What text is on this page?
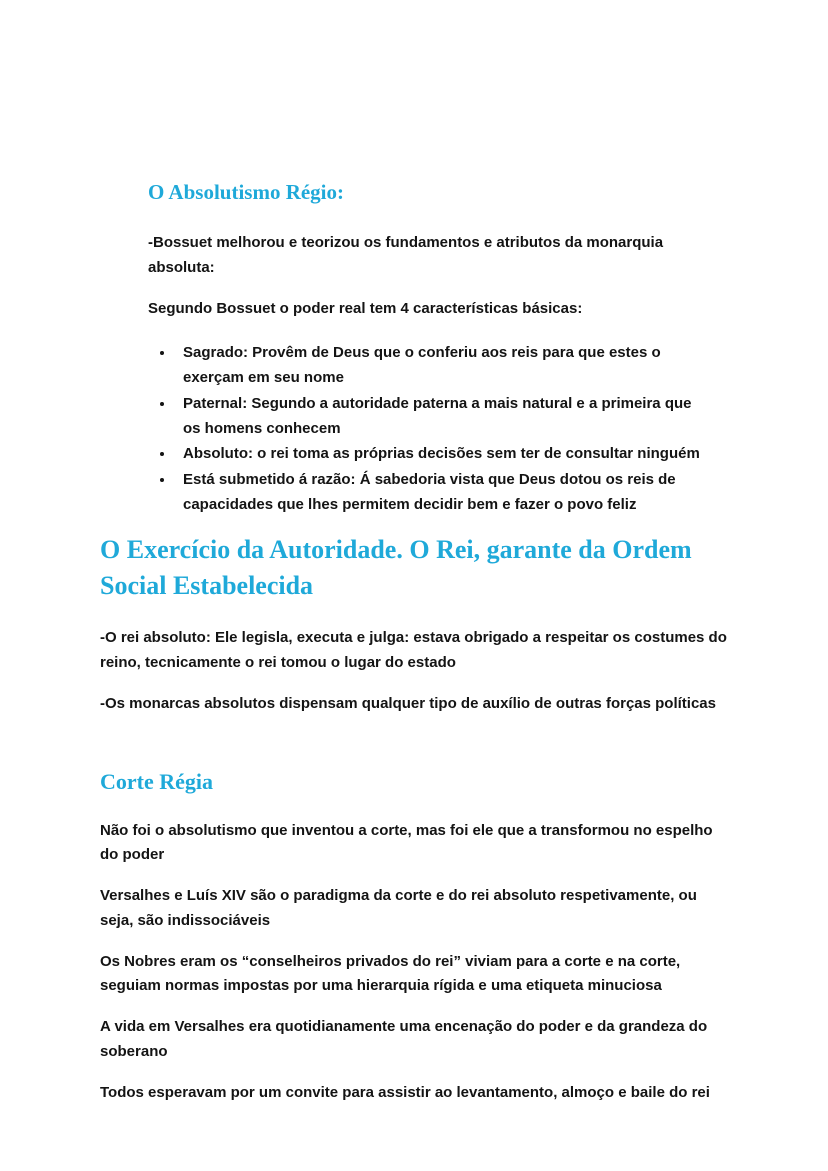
O Absolutismo Régio:

-Bossuet melhorou e teorizou os fundamentos e atributos da monarquia absoluta:

Segundo Bossuet o poder real tem 4 características básicas:

• Sagrado: Provêm de Deus que o conferiu aos reis para que estes o exerçam em seu nome
• Paternal: Segundo a autoridade paterna a mais natural e a primeira que os homens conhecem
• Absoluto: o rei toma as próprias decisões sem ter de consultar ninguém
• Está submetido á razão: Á sabedoria vista que Deus dotou os reis de capacidades que lhes permitem decidir bem e fazer o povo feliz
O Exercício da Autoridade. O Rei, garante da Ordem Social Estabelecida

-O rei absoluto: Ele legisla, executa e julga: estava obrigado a respeitar os costumes do reino, tecnicamente o rei tomou o lugar do estado

-Os monarcas absolutos dispensam qualquer tipo de auxílio de outras forças políticas

Corte Régia

Não foi o absolutismo que inventou a corte, mas foi ele que a transformou no espelho do poder

Versalhes e Luís XIV são o paradigma da corte e do rei absoluto respetivamente, ou seja, são indissociáveis

Os Nobres eram os “conselheiros privados do rei” viviam para a corte e na corte, seguiam normas impostas por uma hierarquia rígida e uma etiqueta minuciosa

A vida em Versalhes era quotidianamente uma encenação do poder e da grandeza do soberano

Todos esperavam por um convite para assistir ao levantamento, almoço e baile do rei
